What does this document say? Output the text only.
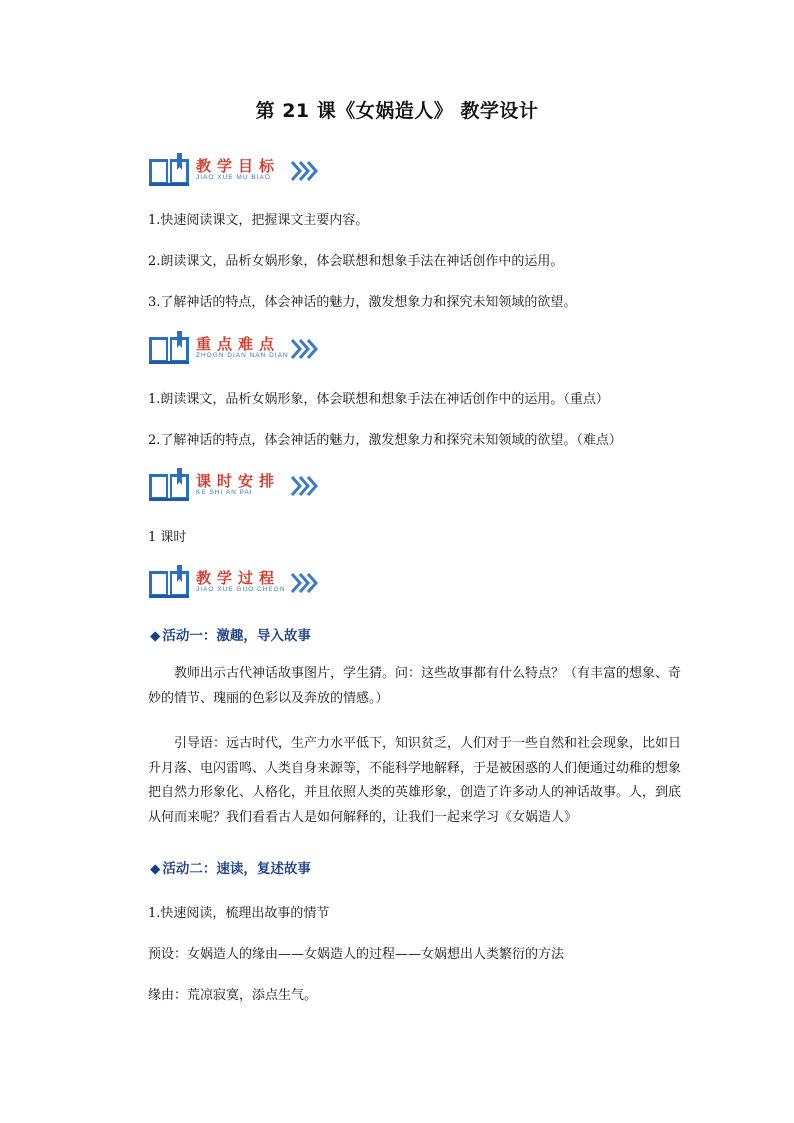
第 21 课《女娲造人》 教学设计
教学目标
JIAO XUE MU BIAO
1.快速阅读课文，把握课文主要内容。
2.朗读课文，品析女娲形象，体会联想和想象手法在神话创作中的运用。
3.了解神话的特点，体会神话的魅力，激发想象力和探究未知领域的欲望。
重点难点
ZHOGN DIAN NAN DIAN
1.朗读课文，品析女娲形象，体会联想和想象手法在神话创作中的运用。（重点）
2.了解神话的特点，体会神话的魅力，激发想象力和探究未知领域的欲望。（难点）
课时安排
KE SHI AN PAI
1 课时
教学过程
JIAO XUE GUO CHEGN
◆ 活动一：激趣，导入故事
教师出示古代神话故事图片，学生猜。问：这些故事都有什么特点？（有丰富的想象、奇妙的情节、瑰丽的色彩以及奔放的情感。）
引导语：远古时代，生产力水平低下，知识贫乏，人们对于一些自然和社会现象，比如日升月落、电闪雷鸣、人类自身来源等，不能科学地解释，于是被困惑的人们便通过幼稚的想象把自然力形象化、人格化，并且依照人类的英雄形象，创造了许多动人的神话故事。人，到底从何而来呢？我们看看古人是如何解释的，让我们一起来学习《女娲造人》
◆ 活动二：速读，复述故事
1.快速阅读，梳理出故事的情节
预设：女娲造人的缘由——女娲造人的过程——女娲想出人类繁衍的方法
缘由：荒凉寂寞，添点生气。
